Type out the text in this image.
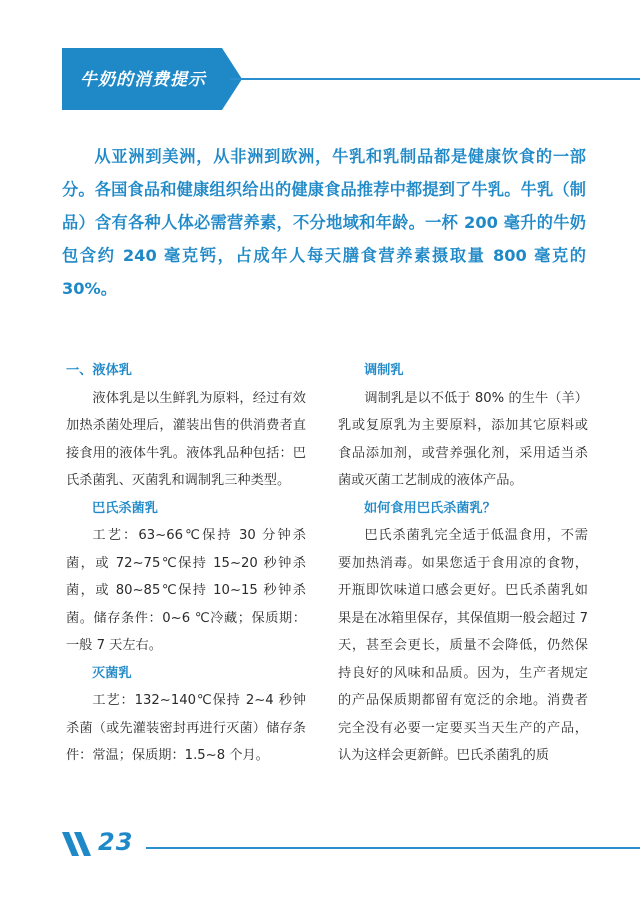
牛奶的消费提示

从亚洲到美洲，从非洲到欧洲，牛乳和乳制品都是健康饮食的一部分。各国食品和健康组织给出的健康食品推荐中都提到了牛乳。牛乳（制品）含有各种人体必需营养素，不分地域和年龄。一杯 200 毫升的牛奶包含约 240 毫克钙，占成年人每天膳食营养素摄取量 800 毫克的 30%。

一、液体乳

液体乳是以生鲜乳为原料，经过有效加热杀菌处理后，灌装出售的供消费者直接食用的液体牛乳。液体乳品种包括：巴氏杀菌乳、灭菌乳和调制乳三种类型。

巴氏杀菌乳

工艺：63~66℃保持 30 分钟杀菌，或 72~75℃保持 15~20 秒钟杀菌，或 80~85℃保持 10~15 秒钟杀菌。储存条件：0~6 ℃冷藏；保质期：一般 7 天左右。

灭菌乳

工艺：132~140℃保持 2~4 秒钟杀菌（或先灌装密封再进行灭菌）储存条件：常温；保质期：1.5~8 个月。

调制乳

调制乳是以不低于 80% 的生牛（羊）乳或复原乳为主要原料，添加其它原料或食品添加剂，或营养强化剂，采用适当杀菌或灭菌工艺制成的液体产品。

如何食用巴氏杀菌乳？

巴氏杀菌乳完全适于低温食用，不需要加热消毒。如果您适于食用凉的食物，开瓶即饮味道口感会更好。巴氏杀菌乳如果是在冰箱里保存，其保值期一般会超过 7 天，甚至会更长，质量不会降低，仍然保持良好的风味和品质。因为，生产者规定的产品保质期都留有宽泛的余地。消费者完全没有必要一定要买当天生产的产品，认为这样会更新鲜。巴氏杀菌乳的质

23
